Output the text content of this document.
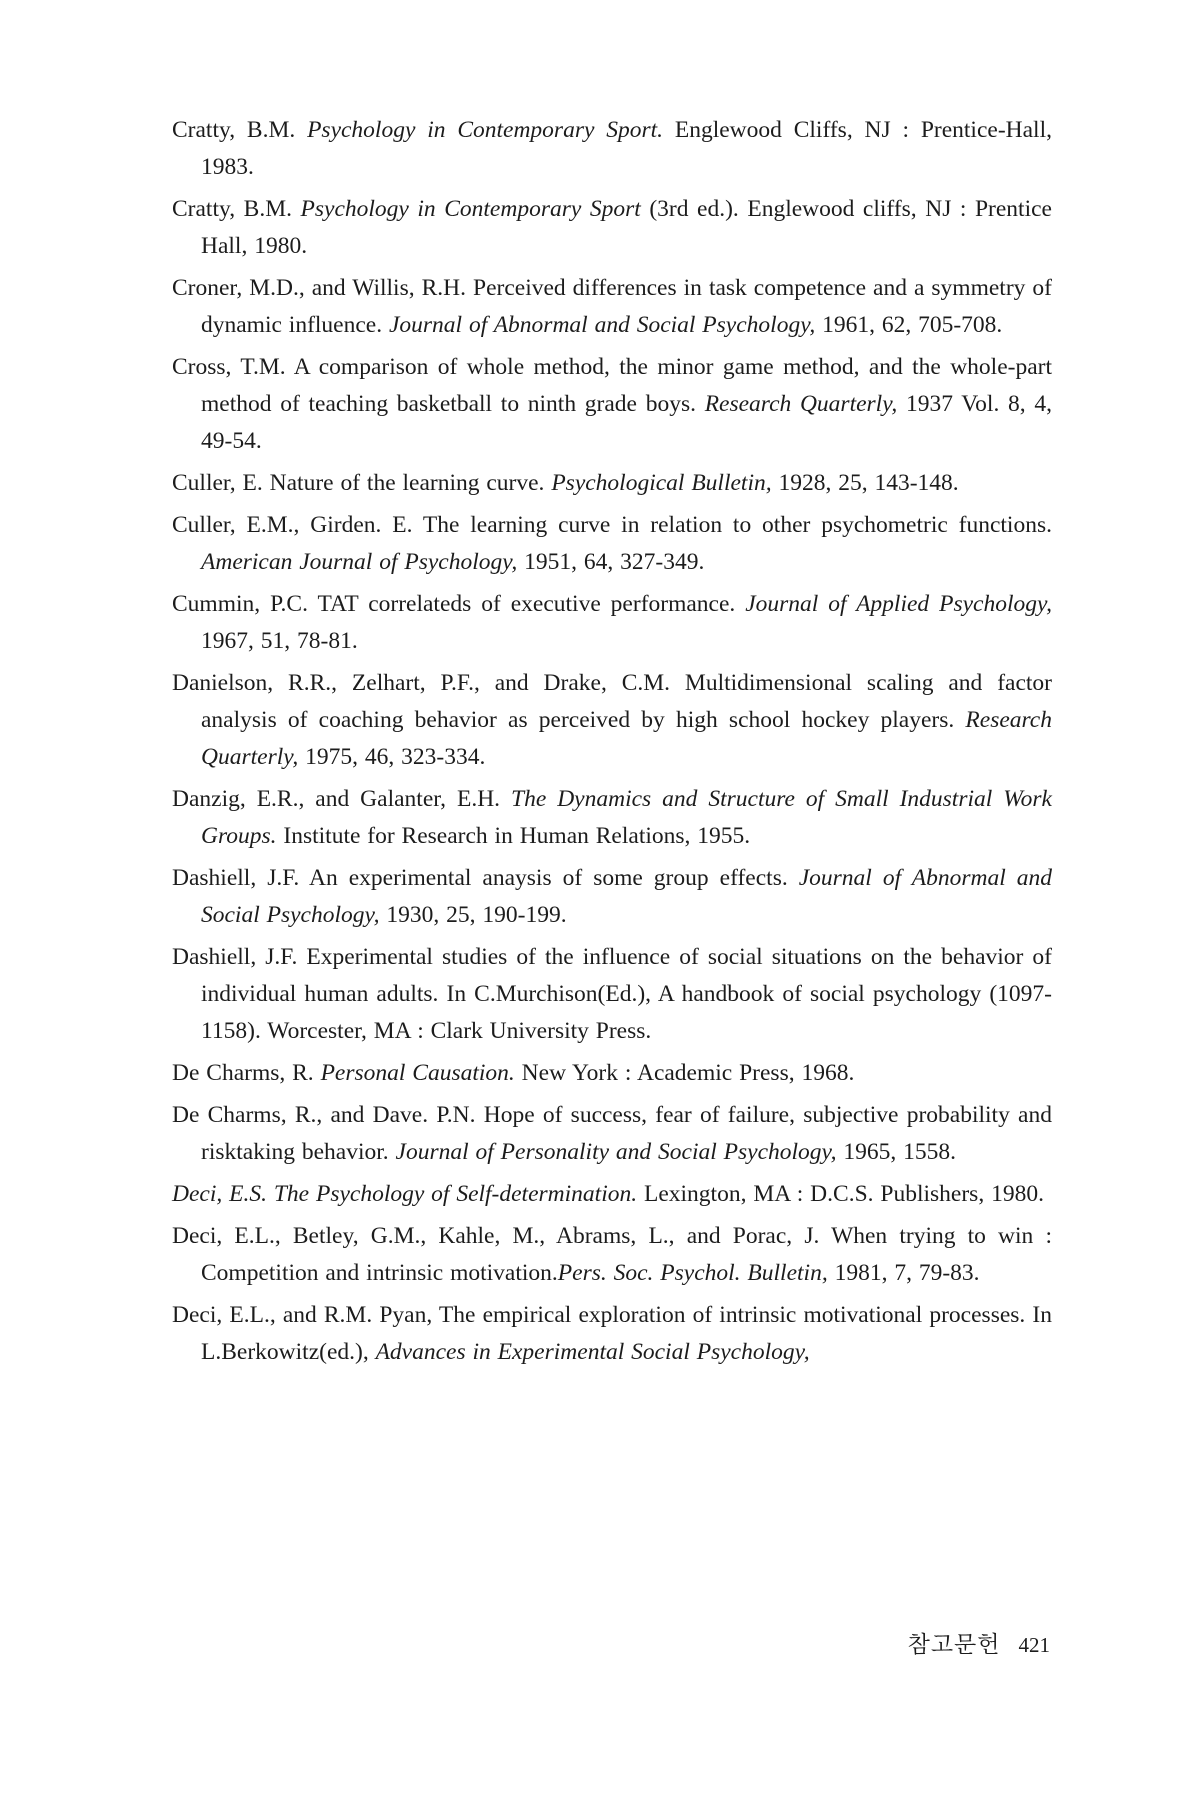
Cratty, B.M. Psychology in Contemporary Sport. Englewood Cliffs, NJ : Prentice-Hall, 1983.

Cratty, B.M. Psychology in Contemporary Sport (3rd ed.). Englewood cliffs, NJ : Prentice Hall, 1980.

Croner, M.D., and Willis, R.H. Perceived differences in task competence and a symmetry of dynamic influence. Journal of Abnormal and Social Psychology, 1961, 62, 705-708.

Cross, T.M. A comparison of whole method, the minor game method, and the whole-part method of teaching basketball to ninth grade boys. Research Quarterly, 1937 Vol. 8, 4, 49-54.

Culler, E. Nature of the learning curve. Psychological Bulletin, 1928, 25, 143-148.

Culler, E.M., Girden. E. The learning curve in relation to other psychometric functions. American Journal of Psychology, 1951, 64, 327-349.

Cummin, P.C. TAT correlateds of executive performance. Journal of Applied Psychology, 1967, 51, 78-81.

Danielson, R.R., Zelhart, P.F., and Drake, C.M. Multidimensional scaling and factor analysis of coaching behavior as perceived by high school hockey players. Research Quarterly, 1975, 46, 323-334.

Danzig, E.R., and Galanter, E.H. The Dynamics and Structure of Small Industrial Work Groups. Institute for Research in Human Relations, 1955.

Dashiell, J.F. An experimental anaysis of some group effects. Journal of Abnormal and Social Psychology, 1930, 25, 190-199.

Dashiell, J.F. Experimental studies of the influence of social situations on the behavior of individual human adults. In C.Murchison(Ed.), A handbook of social psychology (1097-1158). Worcester, MA : Clark University Press.

De Charms, R. Personal Causation. New York : Academic Press, 1968.

De Charms, R., and Dave. P.N. Hope of success, fear of failure, subjective probability and risktaking behavior. Journal of Personality and Social Psychology, 1965, 1558.

Deci, E.S. The Psychology of Self-determination. Lexington, MA : D.C.S. Publishers, 1980.

Deci, E.L., Betley, G.M., Kahle, M., Abrams, L., and Porac, J. When trying to win : Competition and intrinsic motivation.Pers. Soc. Psychol. Bulletin, 1981, 7, 79-83.

Deci, E.L., and R.M. Pyan, The empirical exploration of intrinsic motivational processes. In L.Berkowitz(ed.), Advances in Experimental Social Psychology,

참고문헌 421
